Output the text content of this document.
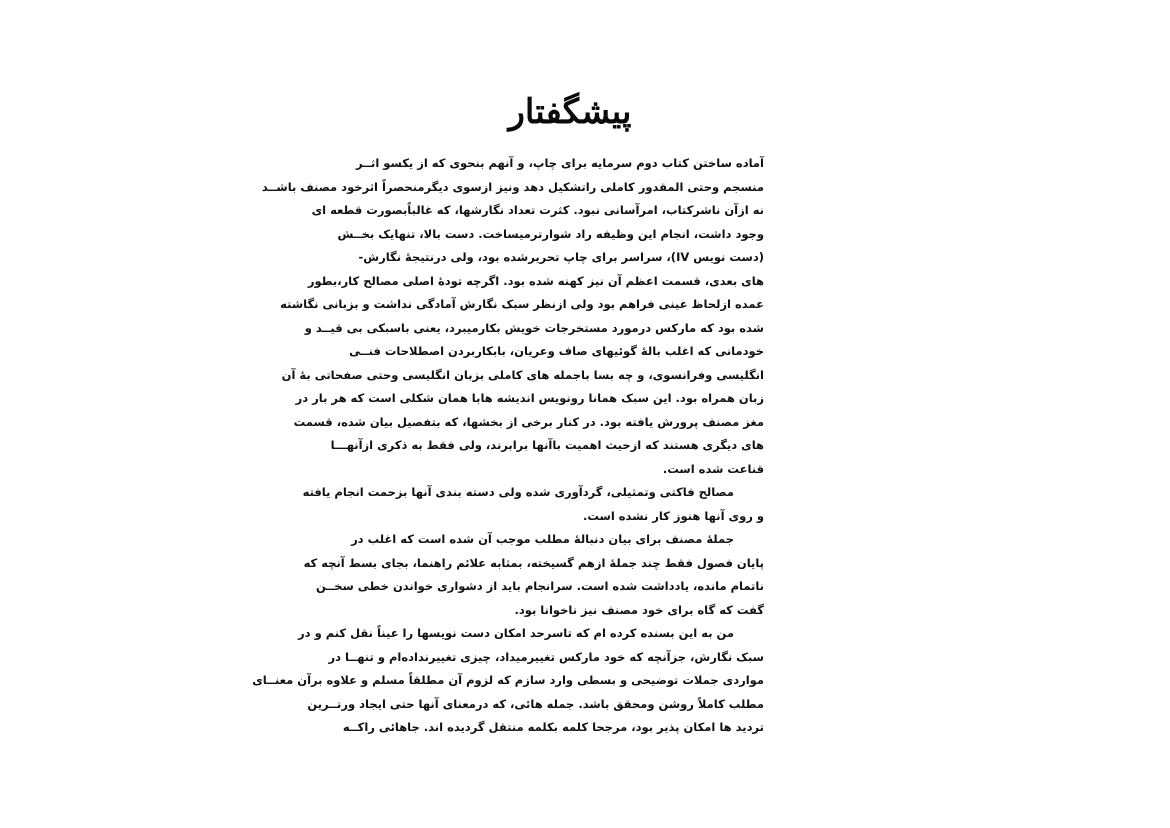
پیشگفتار
آماده ساختن کتاب دوم سرمایه برای چاپ، و آنهم بنحوی که از یکسو اثــر
منسجم وحتی المقدور کاملی راتشکیل دهد ونیز ازسوی دیگرمنحصراً اثرخود مصنف باشــد
نه ازآن ناشرکتاب، امرآسانی نبود. کثرت تعداد نگارشها، که غالباًبصورت قطعه ای
وجود داشت، انجام این وظیفه راد شوارترمیساخت. دست بالا، تنهایک بخــش
(دست نویس IV)، سراسر برای چاپ تحریرشده بود، ولی درنتیجهٔ نگارش-
های بعدی، قسمت اعظم آن نیز کهنه شده بود. اگرچه تودهٔ اصلی مصالح کار،بطور
عمده ازلحاظ عینی فراهم بود ولی ازنظر سبک نگارش آمادگی نداشت و بزبانی نگاشته
شده بود که مارکس درمورد مستخرجات خویش بکارمیبرد، یعنی باسبکی بی قیــد و
خودمانی که اغلب بالهٔ گوئیهای صاف وعریان، بابکاربردن اصطلاحات فنــی
انگلیسی وفرانسوی، و چه بسا باجمله های کاملی بزبان انگلیسی وحتی صفحاتی بهٔ آن
زبان همراه بود. این سبک همانا رونویس اندیشه هابا همان شکلی است که هر بار در
مغز مصنف پرورش یافته بود. در کنار برخی از بخشها، که بتفصیل بیان شده، قسمت
هاى دیگری هستند که ازحیث اهمیت باآنها برابرند، ولی فقط به ذکری ازآنهـــا
قناعت شده است.
مصالح فاکتی وتمثیلی، گردآوری شده ولی دسته بندی آنها بزحمت انجام یافته
و روی آنها هنوز کار نشده است.
جملهٔ مصنف برای بیان دنبالهٔ مطلب موجب آن شده است که اغلب در
پایان فصول فقط چند جملهٔ ازهم گسیخته، بمثابه علائم راهنما، بجای بسط آنچه که
ناتمام مانده، یادداشت شده است. سرانجام باید از دشواری خواندن خطی سخــن
گفت که گاه برای خود مصنف نیز ناخوانا بود.
من به این بسنده کرده ام که تاسرحد امکان دست نویسها را عیناً نقل کنم و در
سبک نگارش، جزآنچه که خود مارکس تغییرمیداد، چیزی تغییرنداده‌ام و تنهــا در
مواردی جملات توضیحی و بسطی وارد سازم که لزوم آن مطلقاً مسلم و علاوه برآن معنــای
مطلب کاملاً روشن ومحقق باشد. جمله هائی، که درمعنای آنها حتی ایجاد ورتــرین
تردید ها امکان پذیر بود، مرجحا کلمه بکلمه منتقل گردیده اند. جاهائی راکــه
